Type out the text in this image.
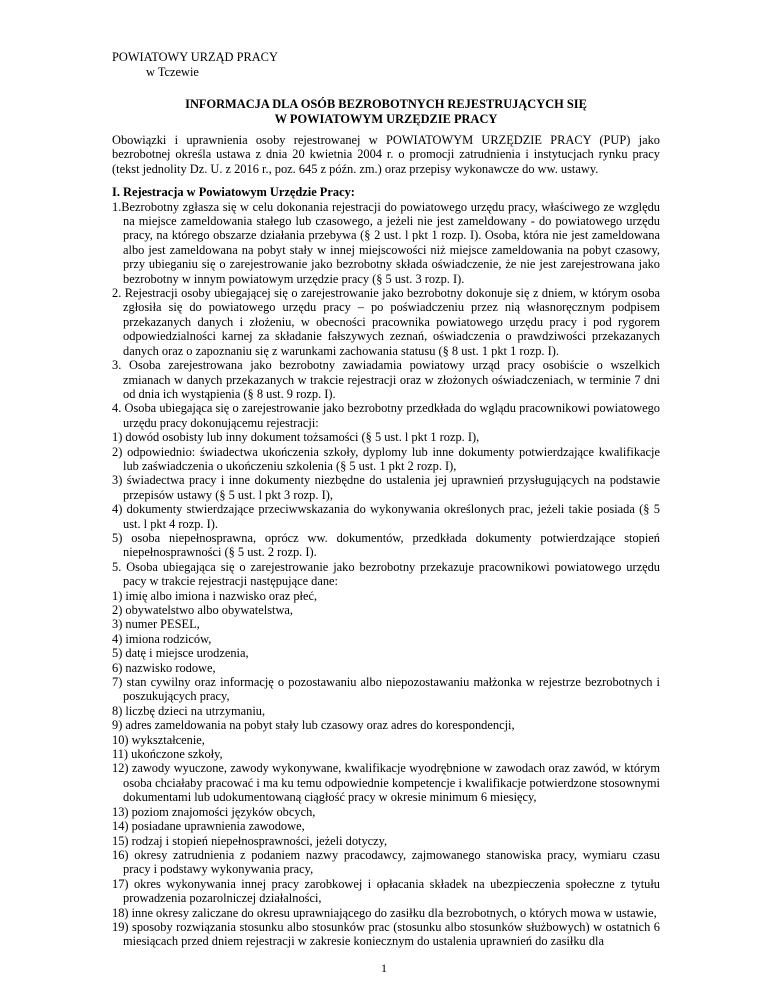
POWIATOWY URZĄD PRACY
w Tczewie
INFORMACJA DLA OSÓB BEZROBOTNYCH REJESTRUJĄCYCH SIĘ
W POWIATOWYM URZĘDZIE PRACY
Obowiązki i uprawnienia osoby rejestrowanej w POWIATOWYM URZĘDZIE PRACY (PUP) jako bezrobotnej określa ustawa z dnia 20 kwietnia 2004 r. o promocji zatrudnienia i instytucjach rynku pracy (tekst jednolity Dz. U. z 2016 r., poz. 645 z późn. zm.) oraz przepisy wykonawcze do ww. ustawy.
I. Rejestracja w Powiatowym Urzędzie Pracy:
1.Bezrobotny zgłasza się w celu dokonania rejestracji do powiatowego urzędu pracy, właściwego ze względu na miejsce zameldowania stałego lub czasowego, a jeżeli nie jest zameldowany - do powiatowego urzędu pracy, na którego obszarze działania przebywa (§ 2 ust. l pkt 1 rozp. I). Osoba, która nie jest zameldowana albo jest zameldowana na pobyt stały w innej miejscowości niż miejsce zameldowania na pobyt czasowy, przy ubieganiu się o zarejestrowanie jako bezrobotny składa oświadczenie, że nie jest zarejestrowana jako bezrobotny w innym powiatowym urzędzie pracy (§ 5 ust. 3 rozp. I).
2. Rejestracji osoby ubiegającej się o zarejestrowanie jako bezrobotny dokonuje się z dniem, w którym osoba zgłosiła się do powiatowego urzędu pracy – po poświadczeniu przez nią własnoręcznym podpisem przekazanych danych i złożeniu, w obecności pracownika powiatowego urzędu pracy i pod rygorem odpowiedzialności karnej za składanie fałszywych zeznań, oświadczenia o prawdziwości przekazanych danych oraz o zapoznaniu się z warunkami zachowania statusu (§ 8 ust. 1 pkt 1 rozp. I).
3. Osoba zarejestrowana jako bezrobotny zawiadamia powiatowy urząd pracy osobiście o wszelkich zmianach w danych przekazanych w trakcie rejestracji oraz w złożonych oświadczeniach, w terminie 7 dni od dnia ich wystąpienia (§ 8 ust. 9 rozp. I).
4. Osoba ubiegająca się o zarejestrowanie jako bezrobotny przedkłada do wglądu pracownikowi powiatowego urzędu pracy dokonującemu rejestracji:
1) dowód osobisty lub inny dokument tożsamości (§ 5 ust. l pkt 1 rozp. I),
2) odpowiednio: świadectwa ukończenia szkoły, dyplomy lub inne dokumenty potwierdzające kwalifikacje lub zaświadczenia o ukończeniu szkolenia (§ 5 ust. 1 pkt 2 rozp. I),
3) świadectwa pracy i inne dokumenty niezbędne do ustalenia jej uprawnień przysługujących na podstawie przepisów ustawy (§ 5 ust. l pkt 3 rozp. I),
4) dokumenty stwierdzające przeciwwskazania do wykonywania określonych prac, jeżeli takie posiada (§ 5 ust. l pkt 4 rozp. I).
5) osoba niepełnosprawna, oprócz ww. dokumentów, przedkłada dokumenty potwierdzające stopień niepełnosprawności (§ 5 ust. 2 rozp. I).
5. Osoba ubiegająca się o zarejestrowanie jako bezrobotny przekazuje pracownikowi powiatowego urzędu pacy w trakcie rejestracji następujące dane:
1) imię albo imiona i nazwisko oraz płeć,
2) obywatelstwo albo obywatelstwa,
3) numer PESEL,
4) imiona rodziców,
5) datę i miejsce urodzenia,
6) nazwisko rodowe,
7) stan cywilny oraz informację o pozostawaniu albo niepozostawaniu małżonka w rejestrze bezrobotnych i poszukujących pracy,
8) liczbę dzieci na utrzymaniu,
9) adres zameldowania na pobyt stały lub czasowy oraz adres do korespondencji,
10) wykształcenie,
11) ukończone szkoły,
12) zawody wyuczone, zawody wykonywane, kwalifikacje wyodrębnione w zawodach oraz zawód, w którym osoba chciałaby pracować i ma ku temu odpowiednie kompetencje i kwalifikacje potwierdzone stosownymi dokumentami lub udokumentowaną ciągłość pracy w okresie minimum 6 miesięcy,
13) poziom znajomości języków obcych,
14) posiadane uprawnienia zawodowe,
15) rodzaj i stopień niepełnosprawności, jeżeli dotyczy,
16) okresy zatrudnienia z podaniem nazwy pracodawcy, zajmowanego stanowiska pracy, wymiaru czasu pracy i podstawy wykonywania pracy,
17) okres wykonywania innej pracy zarobkowej i opłacania składek na ubezpieczenia społeczne z tytułu prowadzenia pozarolniczej działalności,
18) inne okresy zaliczane do okresu uprawniającego do zasiłku dla bezrobotnych, o których mowa w ustawie,
19) sposoby rozwiązania stosunku albo stosunków prac (stosunku albo stosunków służbowych) w ostatnich 6 miesiącach przed dniem rejestracji w zakresie koniecznym do ustalenia uprawnień do zasiłku dla
1
